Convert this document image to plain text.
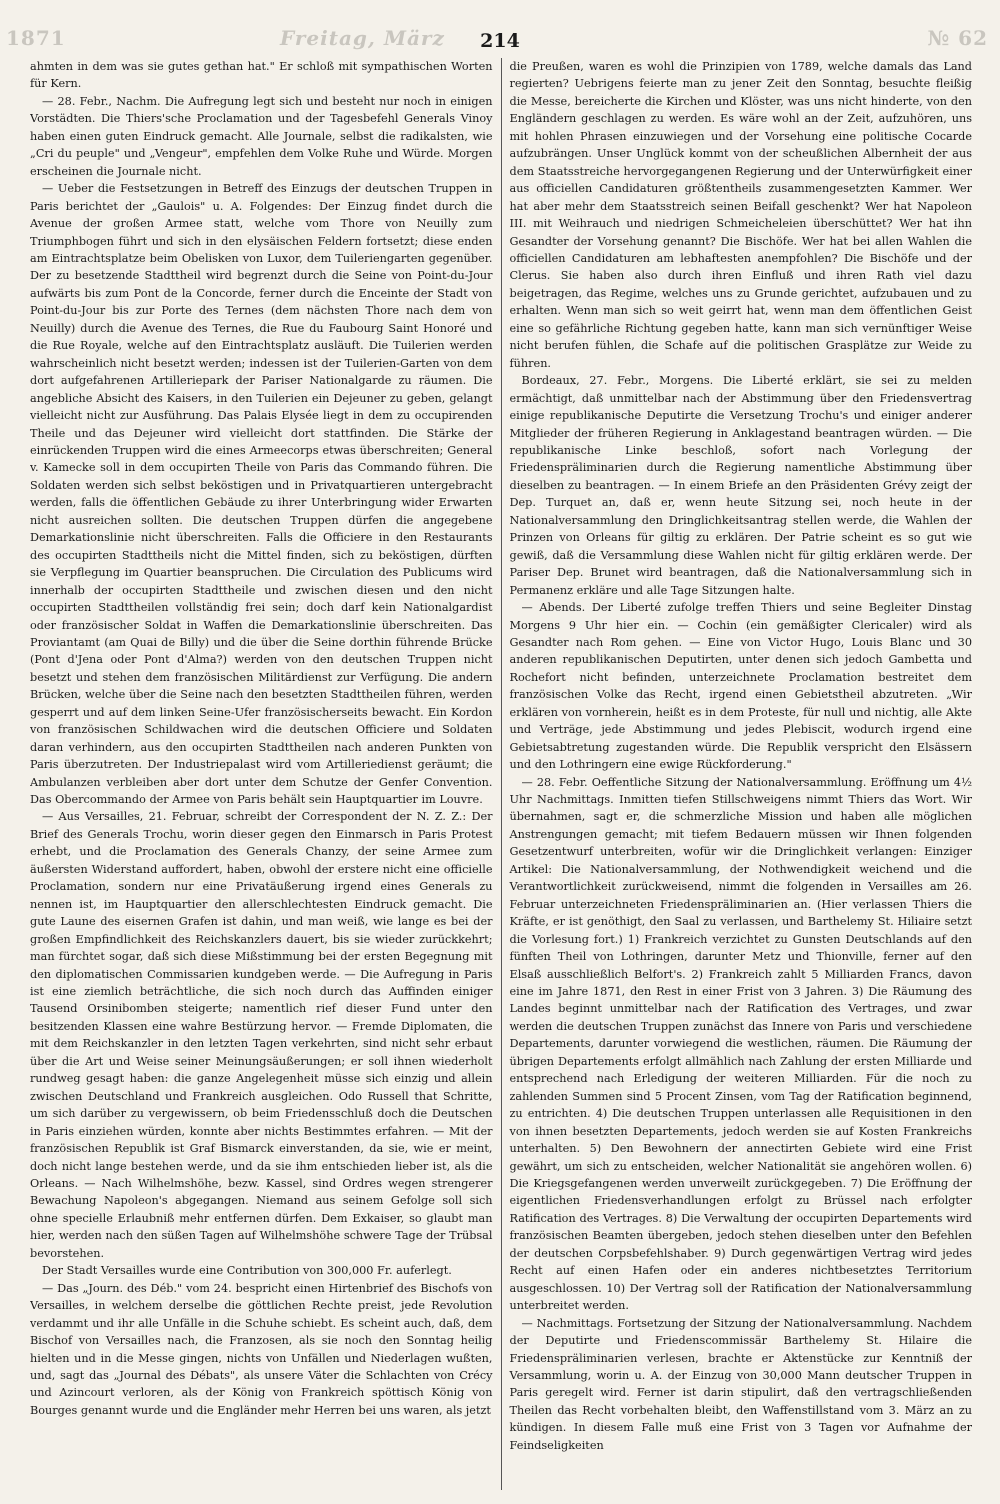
1871	Freitag, März	№ 62
214

ahmten in dem was sie gutes gethan hat." Er schloß mit sympathischen Worten für Kern.

— 28. Febr., Nachm. Die Aufregung legt sich und besteht nur noch in einigen Vorstädten. Die Thiers'sche Proclamation und der Tagesbefehl Generals Vinoy haben einen guten Eindruck gemacht. Alle Journale, selbst die radikalsten, wie „Cri du peuple" und „Vengeur", empfehlen dem Volke Ruhe und Würde. Morgen erscheinen die Journale nicht.

— Ueber die Festsetzungen in Betreff des Einzugs der deutschen Truppen in Paris berichtet der „Gaulois" u. A. Folgendes: Der Einzug findet durch die Avenue der großen Armee statt, welche vom Thore von Neuilly zum Triumphbogen führt und sich in den elysäischen Feldern fortsetzt; diese enden am Eintrachtsplatze beim Obelisken von Luxor, dem Tuileriengarten gegenüber. Der zu besetzende Stadttheil wird begrenzt durch die Seine von Point-du-Jour aufwärts bis zum Pont de la Concorde, ferner durch die Enceinte der Stadt von Point-du-Jour bis zur Porte des Ternes (dem nächsten Thore nach dem von Neuilly) durch die Avenue des Ternes, die Rue du Faubourg Saint Honoré und die Rue Royale, welche auf den Eintrachtsplatz ausläuft. Die Tuilerien werden wahrscheinlich nicht besetzt werden; indessen ist der Tuilerien-Garten von dem dort aufgefahrenen Artilleriepark der Pariser Nationalgarde zu räumen. Die angebliche Absicht des Kaisers, in den Tuilerien ein Dejeuner zu geben, gelangt vielleicht nicht zur Ausführung. Das Palais Elysée liegt in dem zu occupirenden Theile und das Dejeuner wird vielleicht dort stattfinden. Die Stärke der einrückenden Truppen wird die eines Armeecorps etwas überschreiten; General v. Kamecke soll in dem occupirten Theile von Paris das Commando führen. Die Soldaten werden sich selbst beköstigen und in Privatquartieren untergebracht werden, falls die öffentlichen Gebäude zu ihrer Unterbringung wider Erwarten nicht ausreichen sollten. Die deutschen Truppen dürfen die angegebene Demarkationslinie nicht überschreiten. Falls die Officiere in den Restaurants des occupirten Stadttheils nicht die Mittel finden, sich zu beköstigen, dürften sie Verpflegung im Quartier beanspruchen. Die Circulation des Publicums wird innerhalb der occupirten Stadttheile und zwischen diesen und den nicht occupirten Stadttheilen vollständig frei sein; doch darf kein Nationalgardist oder französischer Soldat in Waffen die Demarkationslinie überschreiten. Das Proviantamt (am Quai de Billy) und die über die Seine dorthin führende Brücke (Pont d'Jena oder Pont d'Alma?) werden von den deutschen Truppen nicht besetzt und stehen dem französischen Militärdienst zur Verfügung. Die andern Brücken, welche über die Seine nach den besetzten Stadttheilen führen, werden gesperrt und auf dem linken Seine-Ufer französischerseits bewacht. Ein Kordon von französischen Schildwachen wird die deutschen Officiere und Soldaten daran verhindern, aus den occupirten Stadttheilen nach anderen Punkten von Paris überzutreten. Der Industriepalast wird vom Artilleriedienst geräumt; die Ambulanzen verbleiben aber dort unter dem Schutze der Genfer Convention. Das Obercommando der Armee von Paris behält sein Hauptquartier im Louvre.

— Aus Versailles, 21. Februar, schreibt der Correspondent der N. Z. Z.: Der Brief des Generals Trochu, worin dieser gegen den Einmarsch in Paris Protest erhebt, und die Proclamation des Generals Chanzy, der seine Armee zum äußersten Widerstand auffordert, haben, obwohl der erstere nicht eine officielle Proclamation, sondern nur eine Privatäußerung irgend eines Generals zu nennen ist, im Hauptquartier den allerschlechtesten Eindruck gemacht. Die gute Laune des eisernen Grafen ist dahin, und man weiß, wie lange es bei der großen Empfindlichkeit des Reichskanzlers dauert, bis sie wieder zurückkehrt; man fürchtet sogar, daß sich diese Mißstimmung bei der ersten Begegnung mit den diplomatischen Commissarien kundgeben werde. — Die Aufregung in Paris ist eine ziemlich beträchtliche, die sich noch durch das Auffinden einiger Tausend Orsinibomben steigerte; namentlich rief dieser Fund unter den besitzenden Klassen eine wahre Bestürzung hervor. — Fremde Diplomaten, die mit dem Reichskanzler in den letzten Tagen verkehrten, sind nicht sehr erbaut über die Art und Weise seiner Meinungsäußerungen; er soll ihnen wiederholt rundweg gesagt haben: die ganze Angelegenheit müsse sich einzig und allein zwischen Deutschland und Frankreich ausgleichen. Odo Russell that Schritte, um sich darüber zu vergewissern, ob beim Friedensschluß doch die Deutschen in Paris einziehen würden, konnte aber nichts Bestimmtes erfahren. — Mit der französischen Republik ist Graf Bismarck einverstanden, da sie, wie er meint, doch nicht lange bestehen werde, und da sie ihm entschieden lieber ist, als die Orleans. — Nach Wilhelmshöhe, bezw. Kassel, sind Ordres wegen strengerer Bewachung Napoleon's abgegangen. Niemand aus seinem Gefolge soll sich ohne specielle Erlaubniß mehr entfernen dürfen. Dem Exkaiser, so glaubt man hier, werden nach den süßen Tagen auf Wilhelmshöhe schwere Tage der Trübsal bevorstehen.

Der Stadt Versailles wurde eine Contribution von 300,000 Fr. auferlegt.

— Das „Journ. des Déb." vom 24. bespricht einen Hirtenbrief des Bischofs von Versailles, in welchem derselbe die göttlichen Rechte preist, jede Revolution verdammt und ihr alle Unfälle in die Schuhe schiebt. Es scheint auch, daß, dem Bischof von Versailles nach, die Franzosen, als sie noch den Sonntag heilig hielten und in die Messe gingen, nichts von Unfällen und Niederlagen wußten, und, sagt das „Journal des Débats", als unsere Väter die Schlachten von Crécy und Azincourt verloren, als der König von Frankreich spöttisch König von Bourges genannt wurde und die Engländer mehr Herren bei uns waren, als jetzt

die Preußen, waren es wohl die Prinzipien von 1789, welche damals das Land regierten? Uebrigens feierte man zu jener Zeit den Sonntag, besuchte fleißig die Messe, bereicherte die Kirchen und Klöster, was uns nicht hinderte, von den Engländern geschlagen zu werden. Es wäre wohl an der Zeit, aufzuhören, uns mit hohlen Phrasen einzuwiegen und der Vorsehung eine politische Cocarde aufzubrängen. Unser Unglück kommt von der scheußlichen Albernheit der aus dem Staatsstreiche hervorgegangenen Regierung und der Unterwürfigkeit einer aus officiellen Candidaturen größtentheils zusammengesetzten Kammer. Wer hat aber mehr dem Staatsstreich seinen Beifall geschenkt? Wer hat Napoleon III. mit Weihrauch und niedrigen Schmeicheleien überschüttet? Wer hat ihn Gesandter der Vorsehung genannt? Die Bischöfe. Wer hat bei allen Wahlen die officiellen Candidaturen am lebhaftesten anempfohlen? Die Bischöfe und der Clerus. Sie haben also durch ihren Einfluß und ihren Rath viel dazu beigetragen, das Regime, welches uns zu Grunde gerichtet, aufzubauen und zu erhalten. Wenn man sich so weit geirrt hat, wenn man dem öffentlichen Geist eine so gefährliche Richtung gegeben hatte, kann man sich vernünftiger Weise nicht berufen fühlen, die Schafe auf die politischen Grasplätze zur Weide zu führen.

Bordeaux, 27. Febr., Morgens. Die Liberté erklärt, sie sei zu melden ermächtigt, daß unmittelbar nach der Abstimmung über den Friedensvertrag einige republikanische Deputirte die Versetzung Trochu's und einiger anderer Mitglieder der früheren Regierung in Anklagestand beantragen würden. — Die republikanische Linke beschloß, sofort nach Vorlegung der Friedenspräliminarien durch die Regierung namentliche Abstimmung über dieselben zu beantragen. — In einem Briefe an den Präsidenten Grévy zeigt der Dep. Turquet an, daß er, wenn heute Sitzung sei, noch heute in der Nationalversammlung den Dringlichkeitsantrag stellen werde, die Wahlen der Prinzen von Orleans für giltig zu erklären. Der Patrie scheint es so gut wie gewiß, daß die Versammlung diese Wahlen nicht für giltig erklären werde. Der Pariser Dep. Brunet wird beantragen, daß die Nationalversammlung sich in Permanenz erkläre und alle Tage Sitzungen halte.

— Abends. Der Liberté zufolge treffen Thiers und seine Begleiter Dinstag Morgens 9 Uhr hier ein. — Cochin (ein gemäßigter Clericaler) wird als Gesandter nach Rom gehen. — Eine von Victor Hugo, Louis Blanc und 30 anderen republikanischen Deputirten, unter denen sich jedoch Gambetta und Rochefort nicht befinden, unterzeichnete Proclamation bestreitet dem französischen Volke das Recht, irgend einen Gebietstheil abzutreten. „Wir erklären von vornherein, heißt es in dem Proteste, für null und nichtig, alle Akte und Verträge, jede Abstimmung und jedes Plebiscit, wodurch irgend eine Gebietsabtretung zugestanden würde. Die Republik verspricht den Elsässern und den Lothringern eine ewige Rückforderung."

— 28. Febr. Oeffentliche Sitzung der Nationalversammlung. Eröffnung um 4½ Uhr Nachmittags. Inmitten tiefen Stillschweigens nimmt Thiers das Wort. Wir übernahmen, sagt er, die schmerzliche Mission und haben alle möglichen Anstrengungen gemacht; mit tiefem Bedauern müssen wir Ihnen folgenden Gesetzentwurf unterbreiten, wofür wir die Dringlichkeit verlangen: Einziger Artikel: Die Nationalversammlung, der Nothwendigkeit weichend und die Verantwortlichkeit zurückweisend, nimmt die folgenden in Versailles am 26. Februar unterzeichneten Friedenspräliminarien an. (Hier verlassen Thiers die Kräfte, er ist genöthigt, den Saal zu verlassen, und Barthelemy St. Hiliaire setzt die Vorlesung fort.) 1) Frankreich verzichtet zu Gunsten Deutschlands auf den fünften Theil von Lothringen, darunter Metz und Thionville, ferner auf den Elsaß ausschließlich Belfort's. 2) Frankreich zahlt 5 Milliarden Francs, davon eine im Jahre 1871, den Rest in einer Frist von 3 Jahren. 3) Die Räumung des Landes beginnt unmittelbar nach der Ratification des Vertrages, und zwar werden die deutschen Truppen zunächst das Innere von Paris und verschiedene Departements, darunter vorwiegend die westlichen, räumen. Die Räumung der übrigen Departements erfolgt allmählich nach Zahlung der ersten Milliarde und entsprechend nach Erledigung der weiteren Milliarden. Für die noch zu zahlenden Summen sind 5 Procent Zinsen, vom Tag der Ratification beginnend, zu entrichten. 4) Die deutschen Truppen unterlassen alle Requisitionen in den von ihnen besetzten Departements, jedoch werden sie auf Kosten Frankreichs unterhalten. 5) Den Bewohnern der annectirten Gebiete wird eine Frist gewährt, um sich zu entscheiden, welcher Nationalität sie angehören wollen. 6) Die Kriegsgefangenen werden unverweilt zurückgegeben. 7) Die Eröffnung der eigentlichen Friedensverhandlungen erfolgt zu Brüssel nach erfolgter Ratification des Vertrages. 8) Die Verwaltung der occupirten Departements wird französischen Beamten übergeben, jedoch stehen dieselben unter den Befehlen der deutschen Corpsbefehlshaber. 9) Durch gegenwärtigen Vertrag wird jedes Recht auf einen Hafen oder ein anderes nichtbesetztes Territorium ausgeschlossen. 10) Der Vertrag soll der Ratification der Nationalversammlung unterbreitet werden.

— Nachmittags. Fortsetzung der Sitzung der Nationalversammlung. Nachdem der Deputirte und Friedenscommissär Barthelemy St. Hilaire die Friedenspräliminarien verlesen, brachte er Aktenstücke zur Kenntniß der Versammlung, worin u. A. der Einzug von 30,000 Mann deutscher Truppen in Paris geregelt wird. Ferner ist darin stipulirt, daß den vertragschließenden Theilen das Recht vorbehalten bleibt, den Waffenstillstand vom 3. März an zu kündigen. In diesem Falle muß eine Frist von 3 Tagen vor Aufnahme der Feindseligkeiten
